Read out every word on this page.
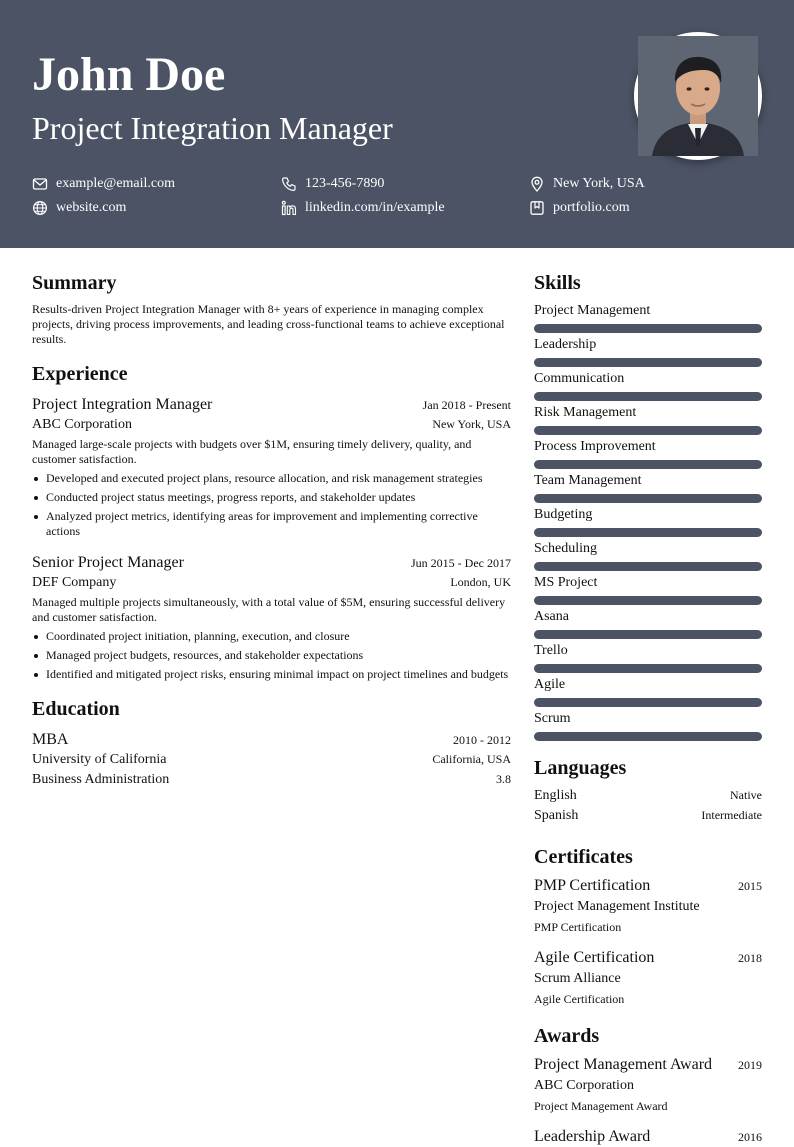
John Doe
Project Integration Manager
example@email.com	123-456-7890	New York, USA
website.com	linkedin.com/in/example	portfolio.com
Summary

Results-driven Project Integration Manager with 8+ years of experience in managing complex projects, driving process improvements, and leading cross-functional teams to achieve exceptional results.

Experience
Project Integration Manager	Jan 2018 - Present
ABC Corporation	New York, USA

Managed large-scale projects with budgets over $1M, ensuring timely delivery, quality, and customer satisfaction.

Developed and executed project plans, resource allocation, and risk management strategies
Conducted project status meetings, progress reports, and stakeholder updates
Analyzed project metrics, identifying areas for improvement and implementing corrective actions
Senior Project Manager	Jun 2015 - Dec 2017
DEF Company	London, UK

Managed multiple projects simultaneously, with a total value of $5M, ensuring successful delivery and customer satisfaction.

Coordinated project initiation, planning, execution, and closure
Managed project budgets, resources, and stakeholder expectations
Identified and mitigated project risks, ensuring minimal impact on project timelines and budgets
Education
MBA	2010 - 2012
University of California	California, USA
Business Administration	3.8
Skills
Project Management
Leadership
Communication
Risk Management
Process Improvement
Team Management
Budgeting
Scheduling
MS Project
Asana
Trello
Agile
Scrum
Languages
English	Native
Spanish	Intermediate
Certificates
PMP Certification	2015
Project Management Institute
PMP Certification
Agile Certification	2018
Scrum Alliance
Agile Certification
Awards
Project Management Award 2019
ABC Corporation
Project Management Award
Leadership Award	2016
